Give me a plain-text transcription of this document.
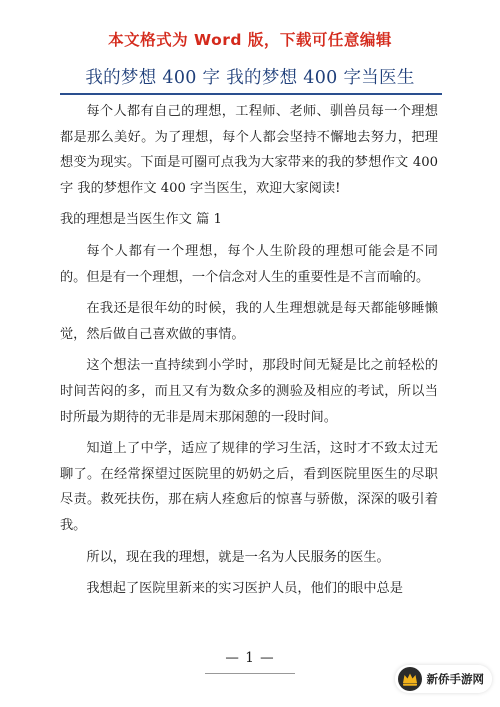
本文格式为 Word 版，下载可任意编辑
我的梦想 400 字 我的梦想 400 字当医生

每个人都有自己的理想，工程师、老师、驯兽员每一个理想都是那么美好。为了理想，每个人都会坚持不懈地去努力，把理想变为现实。下面是可圈可点我为大家带来的我的梦想作文 400 字 我的梦想作文 400 字当医生，欢迎大家阅读!

我的理想是当医生作文 篇 1

每个人都有一个理想，每个人生阶段的理想可能会是不同的。但是有一个理想，一个信念对人生的重要性是不言而喻的。

在我还是很年幼的时候，我的人生理想就是每天都能够睡懒觉，然后做自己喜欢做的事情。

这个想法一直持续到小学时，那段时间无疑是比之前轻松的时间苦闷的多，而且又有为数众多的测验及相应的考试，所以当时所最为期待的无非是周末那闲憩的一段时间。

知道上了中学，适应了规律的学习生活，这时才不致太过无聊了。在经常探望过医院里的奶奶之后，看到医院里医生的尽职尽责。救死扶伤，那在病人痊愈后的惊喜与骄傲，深深的吸引着我。

所以，现在我的理想，就是一名为人民服务的医生。

我想起了医院里新来的实习医护人员，他们的眼中总是

— 1 —
新侨手游网
